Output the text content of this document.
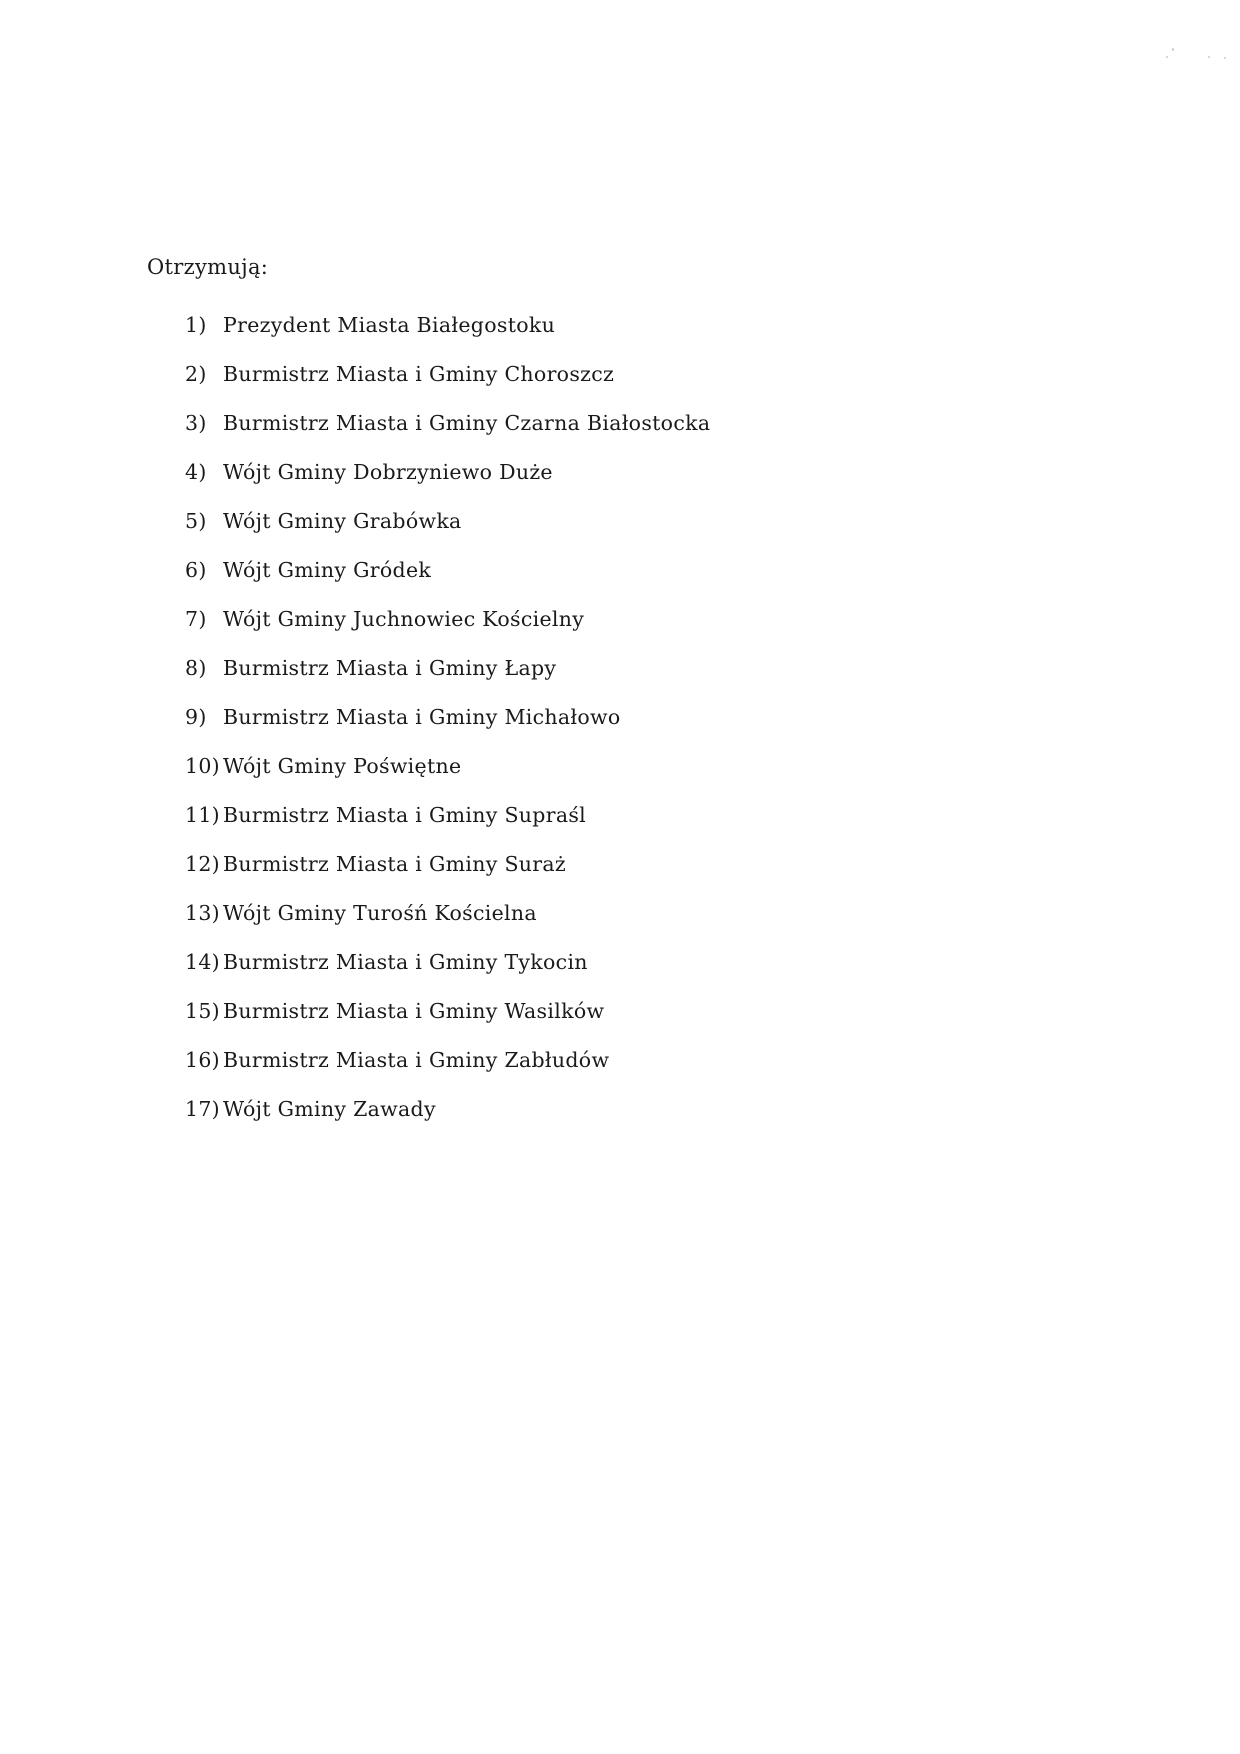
Otrzymują:
1) Prezydent Miasta Białegostoku
2) Burmistrz Miasta i Gminy Choroszcz
3) Burmistrz Miasta i Gminy Czarna Białostocka
4) Wójt Gminy Dobrzyniewo Duże
5) Wójt Gminy Grabówka
6) Wójt Gminy Gródek
7) Wójt Gminy Juchnowiec Kościelny
8) Burmistrz Miasta i Gminy Łapy
9) Burmistrz Miasta i Gminy Michałowo
10) Wójt Gminy Poświętne
11) Burmistrz Miasta i Gminy Supraśl
12) Burmistrz Miasta i Gminy Suraż
13) Wójt Gminy Turośń Kościelna
14) Burmistrz Miasta i Gminy Tykocin
15) Burmistrz Miasta i Gminy Wasilków
16) Burmistrz Miasta i Gminy Zabłudów
17) Wójt Gminy Zawady
